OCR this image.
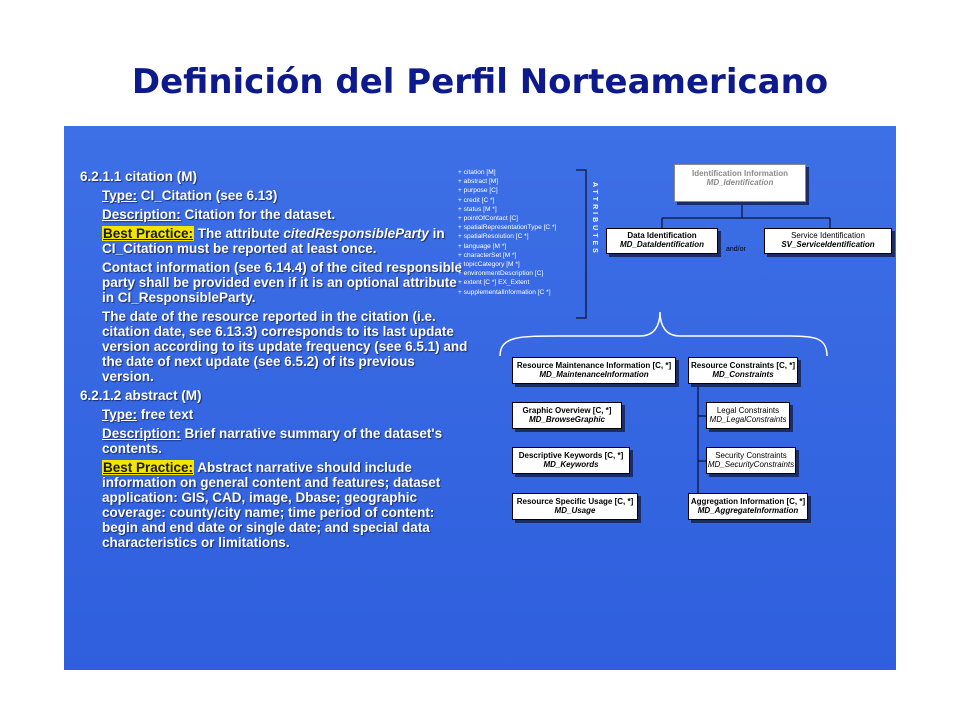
Definición del Perfil Norteamericano
6.2.1.1 citation (M)
Type: CI_Citation (see 6.13)
Description: Citation for the dataset.
Best Practice: The attribute citedResponsibleParty in CI_Citation must be reported at least once.
Contact information (see 6.14.4) of the cited responsible party shall be provided even if it is an optional attribute in CI_ResponsibleParty.
The date of the resource reported in the citation (i.e. citation date, see 6.13.3) corresponds to its last update version according to its update frequency (see 6.5.1) and the date of next update (see 6.5.2) of its previous version.
6.2.1.2 abstract (M)
Type: free text
Description: Brief narrative summary of the dataset's contents.
Best Practice: Abstract narrative should include information on general content and features; dataset application: GIS, CAD, image, Dbase; geographic coverage: county/city name; time period of content: begin and end date or single date; and special data characteristics or limitations.
+ citation [M]
+ abstract [M]
+ purpose [C]
+ credit [C *]
+ status [M *]
+ pointOfContact [C]
+ spatialRepresentationType [C *]
+ spatialResolution [C *]
+ language [M *]
+ characterSet [M *]
+ topicCategory [M *]
+ environmentDescription [C]
+ extent [C *] EX_Extent
+ supplementalInformation [C *]
ATTRIBUTES
Identification Information
MD_Identification
Data Identification
MD_DataIdentification
and/or
Service Identification
SV_ServiceIdentification
Resource Maintenance Information [C, *]
MD_MaintenanceInformation
Resource Constraints [C, *]
MD_Constraints
Graphic Overview [C, *]
MD_BrowseGraphic
Legal Constraints
MD_LegalConstraints
Descriptive Keywords [C, *]
MD_Keywords
Security Constraints
MD_SecurityConstraints
Resource Specific Usage [C, *]
MD_Usage
Aggregation Information [C, *]
MD_AggregateInformation
